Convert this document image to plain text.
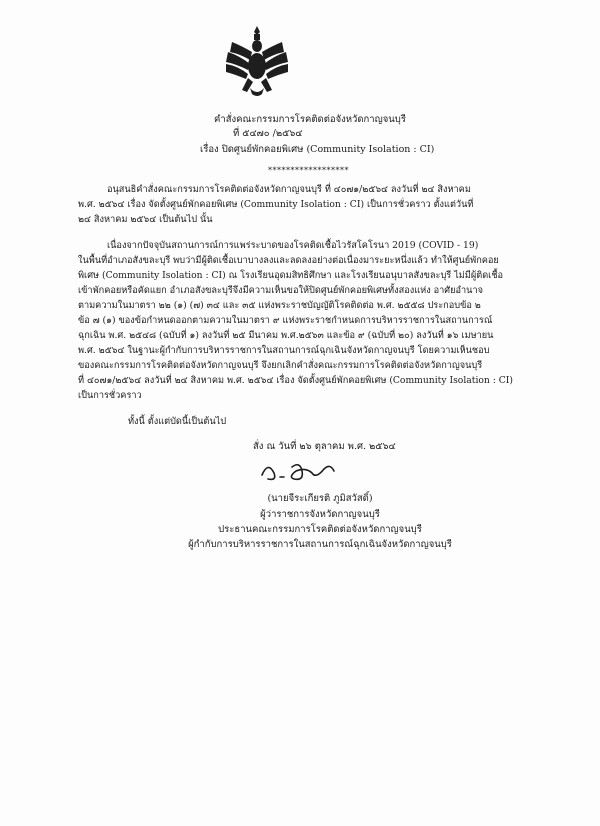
คำสั่งคณะกรรมการโรคติดต่อจังหวัดกาญจนบุรี
ที่ ๕๔๗๐ /๒๕๖๔
เรื่อง ปิดศูนย์พักคอยพิเศษ (Community Isolation : CI)
******************
อนุสนธิคำสั่งคณะกรรมการโรคติดต่อจังหวัดกาญจนบุรี ที่ ๔๐๗๑/๒๕๖๔ ลงวันที่ ๒๔ สิงหาคม
พ.ศ. ๒๕๖๔ เรื่อง จัดตั้งศูนย์พักคอยพิเศษ (Community Isolation : CI) เป็นการชั่วคราว ตั้งแต่วันที่
๒๔ สิงหาคม ๒๕๖๔ เป็นต้นไป นั้น
เนื่องจากปัจจุบันสถานการณ์การแพร่ระบาดของโรคติดเชื้อไวรัสโคโรนา 2019 (COVID - 19)
ในพื้นที่อำเภอสังขละบุรี พบว่ามีผู้ติดเชื้อเบาบางลงและลดลงอย่างต่อเนื่องมาระยะหนึ่งแล้ว ทำให้ศูนย์พักคอย
พิเศษ (Community Isolation : CI) ณ โรงเรียนอุดมสิทธิศึกษา และโรงเรียนอนุบาลสังขละบุรี ไม่มีผู้ติดเชื้อ
เข้าพักคอยหรือคัดแยก อำเภอสังขละบุรีจึงมีความเห็นขอให้ปิดศูนย์พักคอยพิเศษทั้งสองแห่ง อาศัยอำนาจ
ตามความในมาตรา ๒๒ (๑) (๗) ๓๔ และ ๓๕ แห่งพระราชบัญญัติโรคติดต่อ พ.ศ. ๒๕๕๘ ประกอบข้อ ๒
ข้อ ๗ (๑) ของข้อกำหนดออกตามความในมาตรา ๙ แห่งพระราชกำหนดการบริหารราชการในสถานการณ์
ฉุกเฉิน พ.ศ. ๒๕๔๘ (ฉบับที่ ๑) ลงวันที่ ๒๕ มีนาคม พ.ศ.๒๕๖๓ และข้อ ๙ (ฉบับที่ ๒๐) ลงวันที่ ๑๖ เมษายน
พ.ศ. ๒๕๖๔ ในฐานะผู้กำกับการบริหารราชการในสถานการณ์ฉุกเฉินจังหวัดกาญจนบุรี โดยความเห็นชอบ
ของคณะกรรมการโรคติดต่อจังหวัดกาญจนบุรี จึงยกเลิกคำสั่งคณะกรรมการโรคติดต่อจังหวัดกาญจนบุรี
ที่ ๔๐๗๑/๒๕๖๔ ลงวันที่ ๒๔ สิงหาคม พ.ศ. ๒๕๖๔ เรื่อง จัดตั้งศูนย์พักคอยพิเศษ (Community Isolation : CI)
เป็นการชั่วคราว
ทั้งนี้ ตั้งแต่บัดนี้เป็นต้นไป
สั่ง ณ วันที่ ๒๖ ตุลาคม พ.ศ. ๒๕๖๔
(นายจีระเกียรติ ภูมิสวัสดิ์)
ผู้ว่าราชการจังหวัดกาญจนบุรี
ประธานคณะกรรมการโรคติดต่อจังหวัดกาญจนบุรี
ผู้กำกับการบริหารราชการในสถานการณ์ฉุกเฉินจังหวัดกาญจนบุรี
